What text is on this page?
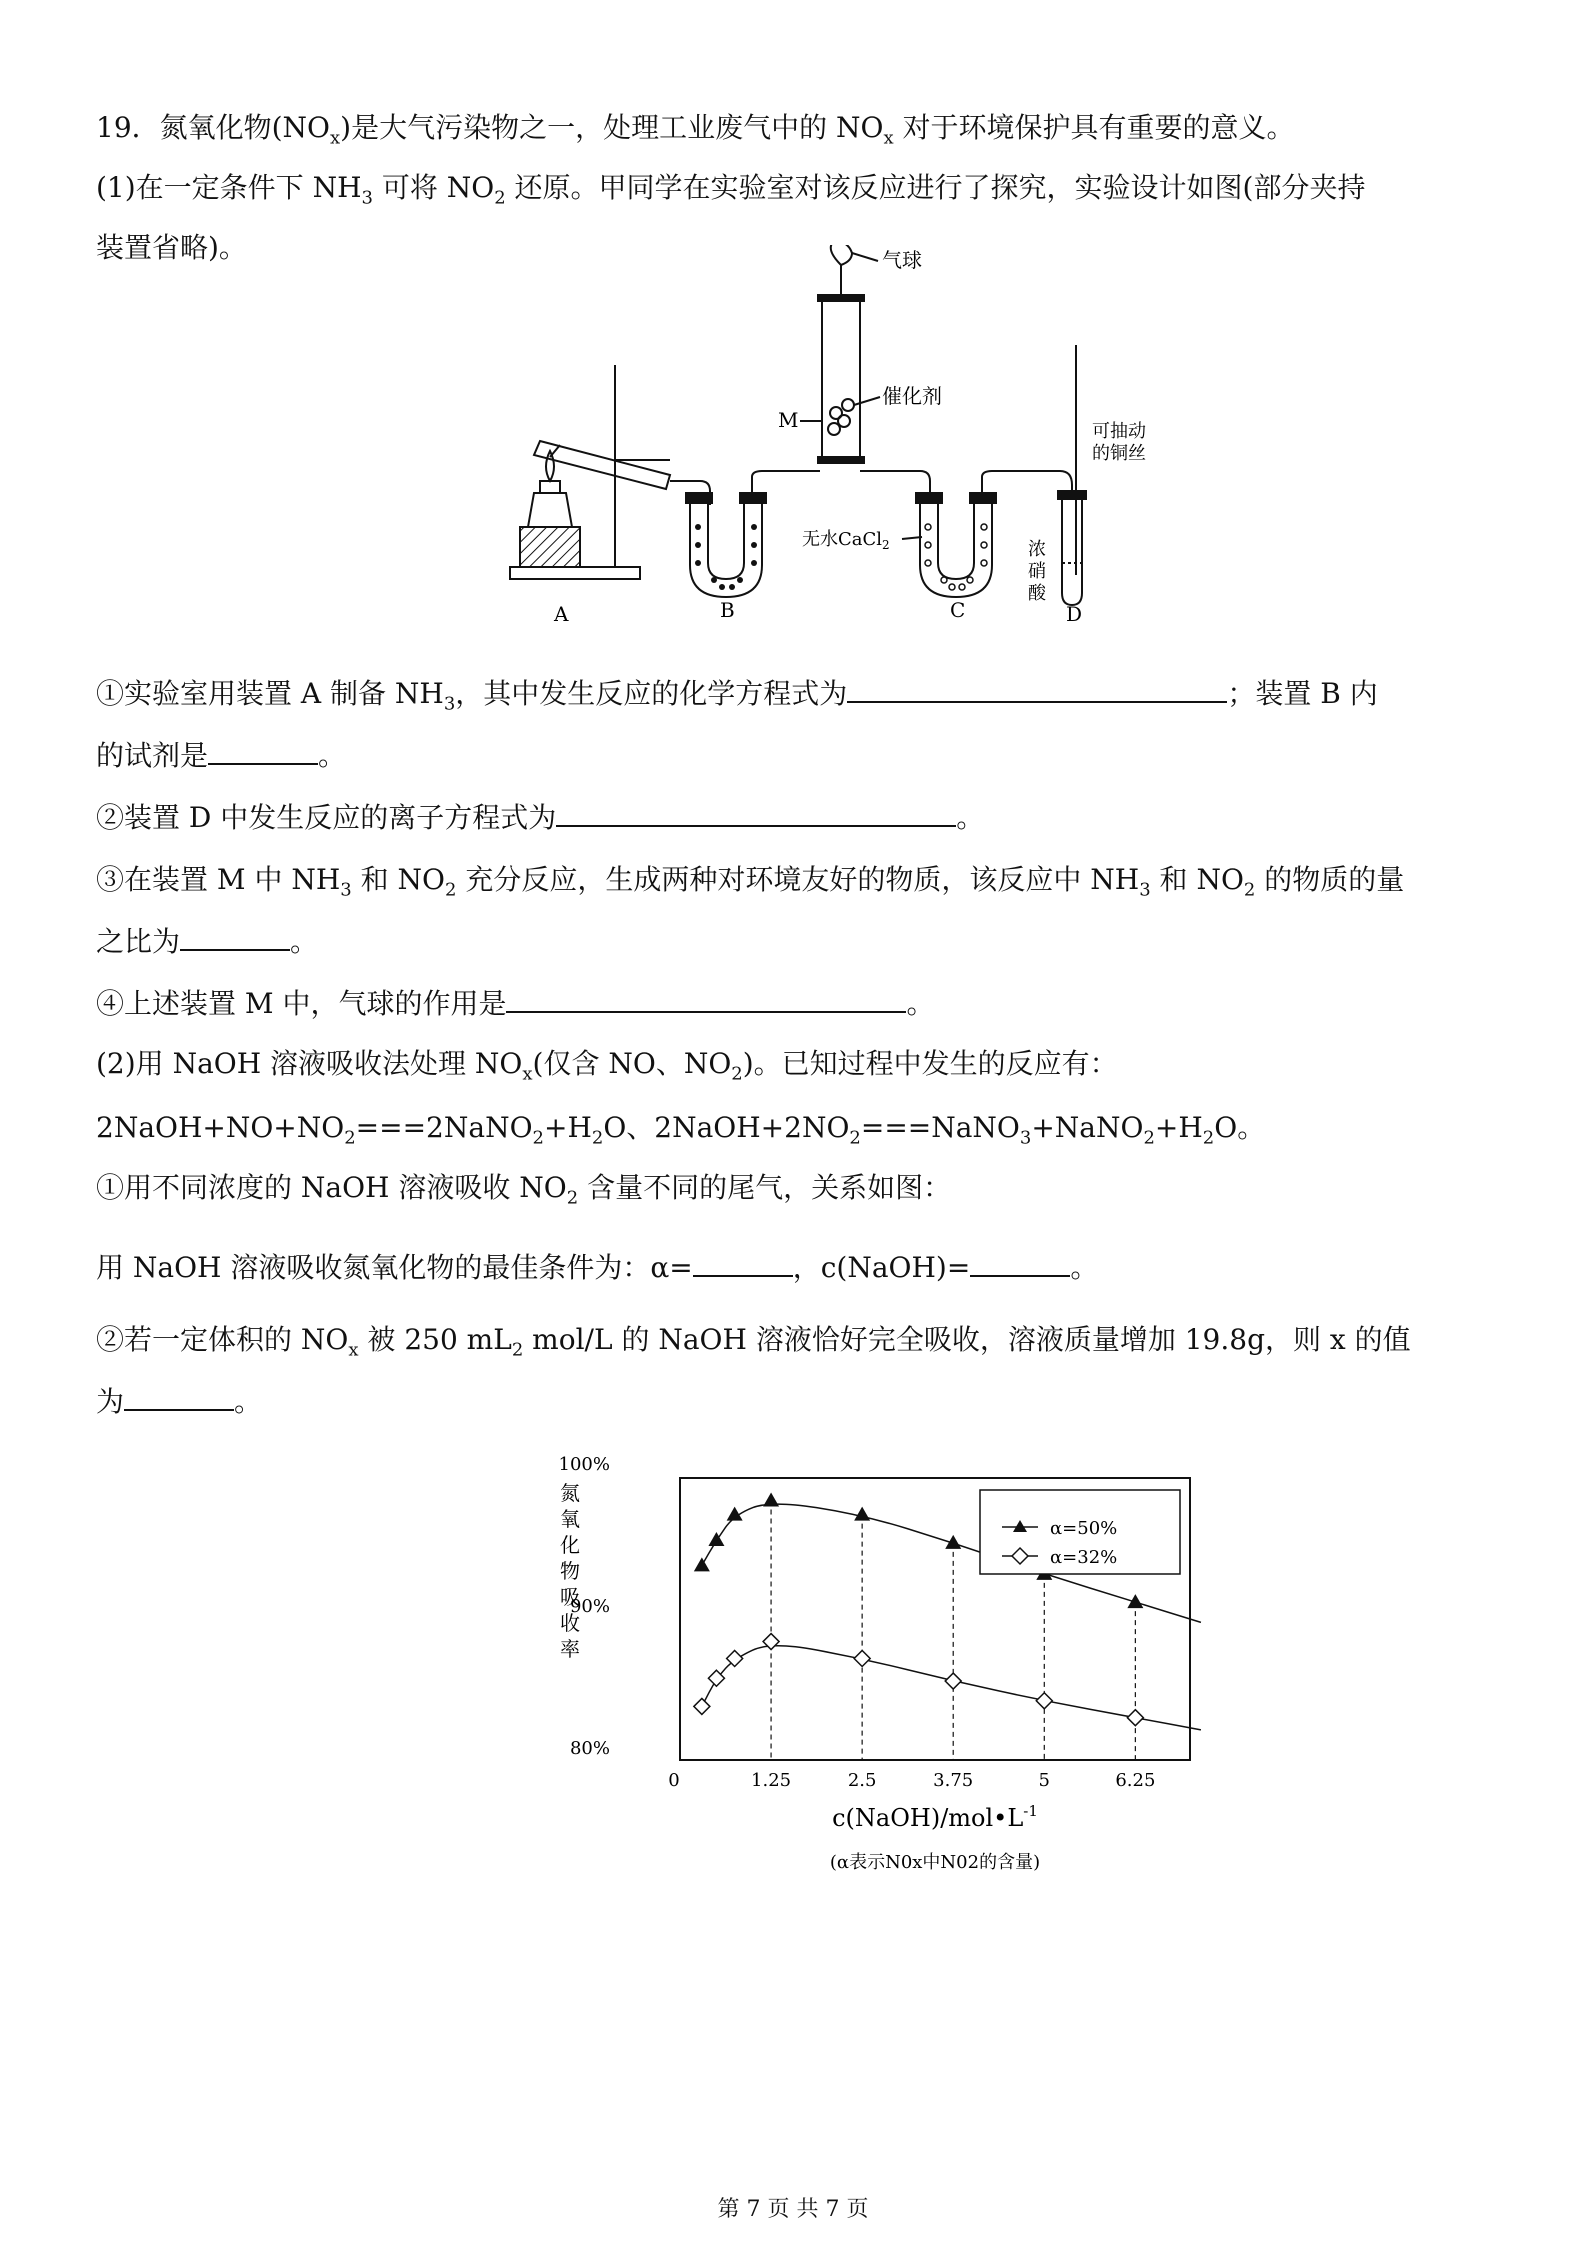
19．氮氧化物$(NO_x)$是大气污染物之一，处理工业废气中的 $NO_x$ 对于环境保护具有重要的意义。
(1)在一定条件下 $NH_3$ 可将 $NO_2$ 还原。甲同学在实验室对该反应进行了探究，实验设计如图(部分夹持
装置省略)。	气球
催化剂
M	可抽动
的铜丝
无水CaCl$_2$	浓
硝
酸
A	B	C	D
①实验室用装置 A 制备 $NH_3$，其中发生反应的化学方程式为	；装置 B 内
的试剂是	。
②装置 D 中发生反应的离子方程式为	。
③在装置 M 中 $NH_3$ 和 $NO_2$ 充分反应，生成两种对环境友好的物质，该反应中 $NH_3$ 和 $NO_2$ 的物质的量
之比为	。
④上述装置 M 中，气球的作用是	。
(2)用 NaOH 溶液吸收法处理 $NO_x$(仅含 NO、$NO_2$)。已知过程中发生的反应有：
$2NaOH+NO+NO_2===2NaNO_2+H_2O$、$2NaOH+2NO_2===NaNO_3+NaNO_2+H_2O$。
①用不同浓度的 NaOH 溶液吸收 $NO_2$ 含量不同的尾气，关系如图：
用 NaOH 溶液吸收氮氧化物的最佳条件为：α=	，c(NaOH)=	。
②若一定体积的 $NO_x$ 被 250 $mL_2$ mol/L 的 NaOH 溶液恰好完全吸收，溶液质量增加 19.8g，则 x 的值
为	。
100%
90%
80%
氮
氧
化
物
吸
收
率
0	1.25	2.5	3.75	5	6.25
α=50%
α=32%
$c(NaOH)/mol•L^{-1}$
(α表示N0x中N02的含量)
第 7 页 共 7 页
